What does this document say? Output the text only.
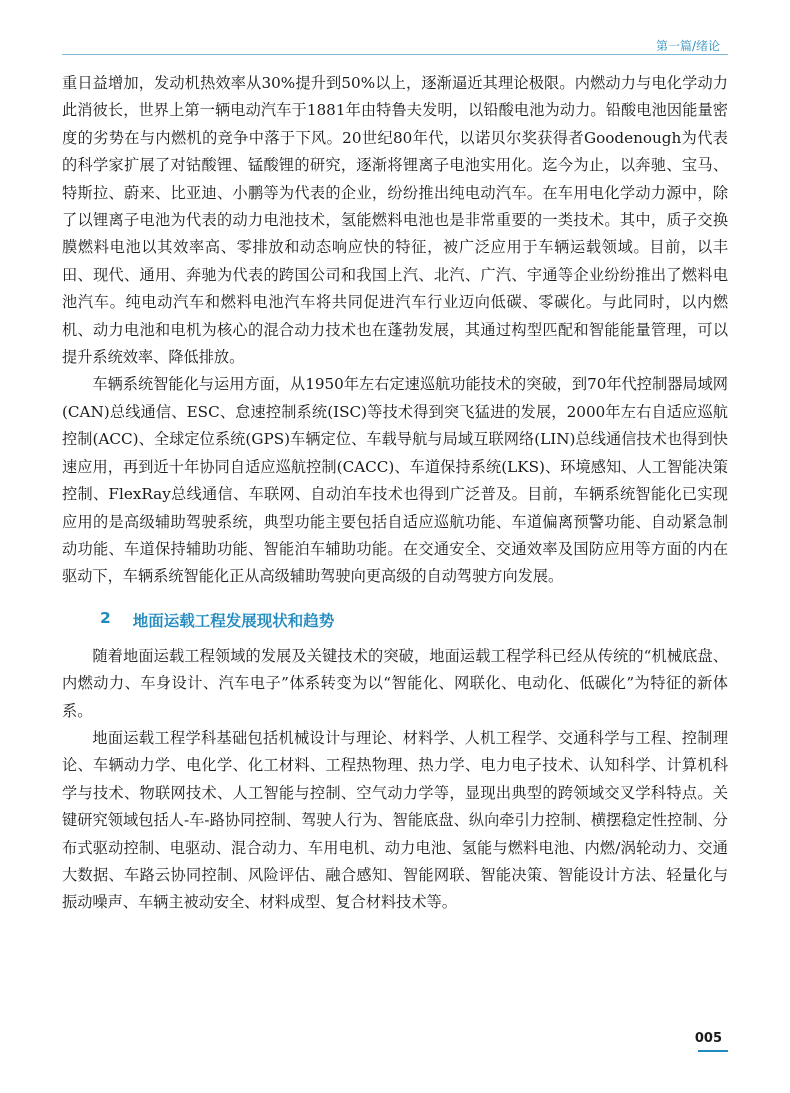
第一篇/绪论

重日益增加，发动机热效率从30%提升到50%以上，逐渐逼近其理论极限。内燃动力与电化学动力此消彼长，世界上第一辆电动汽车于1881年由特鲁夫发明，以铅酸电池为动力。铅酸电池因能量密度的劣势在与内燃机的竞争中落于下风。20世纪80年代，以诺贝尔奖获得者Goodenough为代表的科学家扩展了对钴酸锂、锰酸锂的研究，逐渐将锂离子电池实用化。迄今为止，以奔驰、宝马、特斯拉、蔚来、比亚迪、小鹏等为代表的企业，纷纷推出纯电动汽车。在车用电化学动力源中，除了以锂离子电池为代表的动力电池技术，氢能燃料电池也是非常重要的一类技术。其中，质子交换膜燃料电池以其效率高、零排放和动态响应快的特征，被广泛应用于车辆运载领域。目前，以丰田、现代、通用、奔驰为代表的跨国公司和我国上汽、北汽、广汽、宇通等企业纷纷推出了燃料电池汽车。纯电动汽车和燃料电池汽车将共同促进汽车行业迈向低碳、零碳化。与此同时，以内燃机、动力电池和电机为核心的混合动力技术也在蓬勃发展，其通过构型匹配和智能能量管理，可以提升系统效率、降低排放。

车辆系统智能化与运用方面，从1950年左右定速巡航功能技术的突破，到70年代控制器局域网(CAN)总线通信、ESC、怠速控制系统(ISC)等技术得到突飞猛进的发展，2000年左右自适应巡航控制(ACC)、全球定位系统(GPS)车辆定位、车载导航与局域互联网络(LIN)总线通信技术也得到快速应用，再到近十年协同自适应巡航控制(CACC)、车道保持系统(LKS)、环境感知、人工智能决策控制、FlexRay总线通信、车联网、自动泊车技术也得到广泛普及。目前，车辆系统智能化已实现应用的是高级辅助驾驶系统，典型功能主要包括自适应巡航功能、车道偏离预警功能、自动紧急制动功能、车道保持辅助功能、智能泊车辅助功能。在交通安全、交通效率及国防应用等方面的内在驱动下，车辆系统智能化正从高级辅助驾驶向更高级的自动驾驶方向发展。

2 地面运载工程发展现状和趋势

随着地面运载工程领域的发展及关键技术的突破，地面运载工程学科已经从传统的“机械底盘、内燃动力、车身设计、汽车电子”体系转变为以“智能化、网联化、电动化、低碳化”为特征的新体系。

地面运载工程学科基础包括机械设计与理论、材料学、人机工程学、交通科学与工程、控制理论、车辆动力学、电化学、化工材料、工程热物理、热力学、电力电子技术、认知科学、计算机科学与技术、物联网技术、人工智能与控制、空气动力学等，显现出典型的跨领域交叉学科特点。关键研究领域包括人-车-路协同控制、驾驶人行为、智能底盘、纵向牵引力控制、横摆稳定性控制、分布式驱动控制、电驱动、混合动力、车用电机、动力电池、氢能与燃料电池、内燃/涡轮动力、交通大数据、车路云协同控制、风险评估、融合感知、智能网联、智能决策、智能设计方法、轻量化与振动噪声、车辆主被动安全、材料成型、复合材料技术等。

005
